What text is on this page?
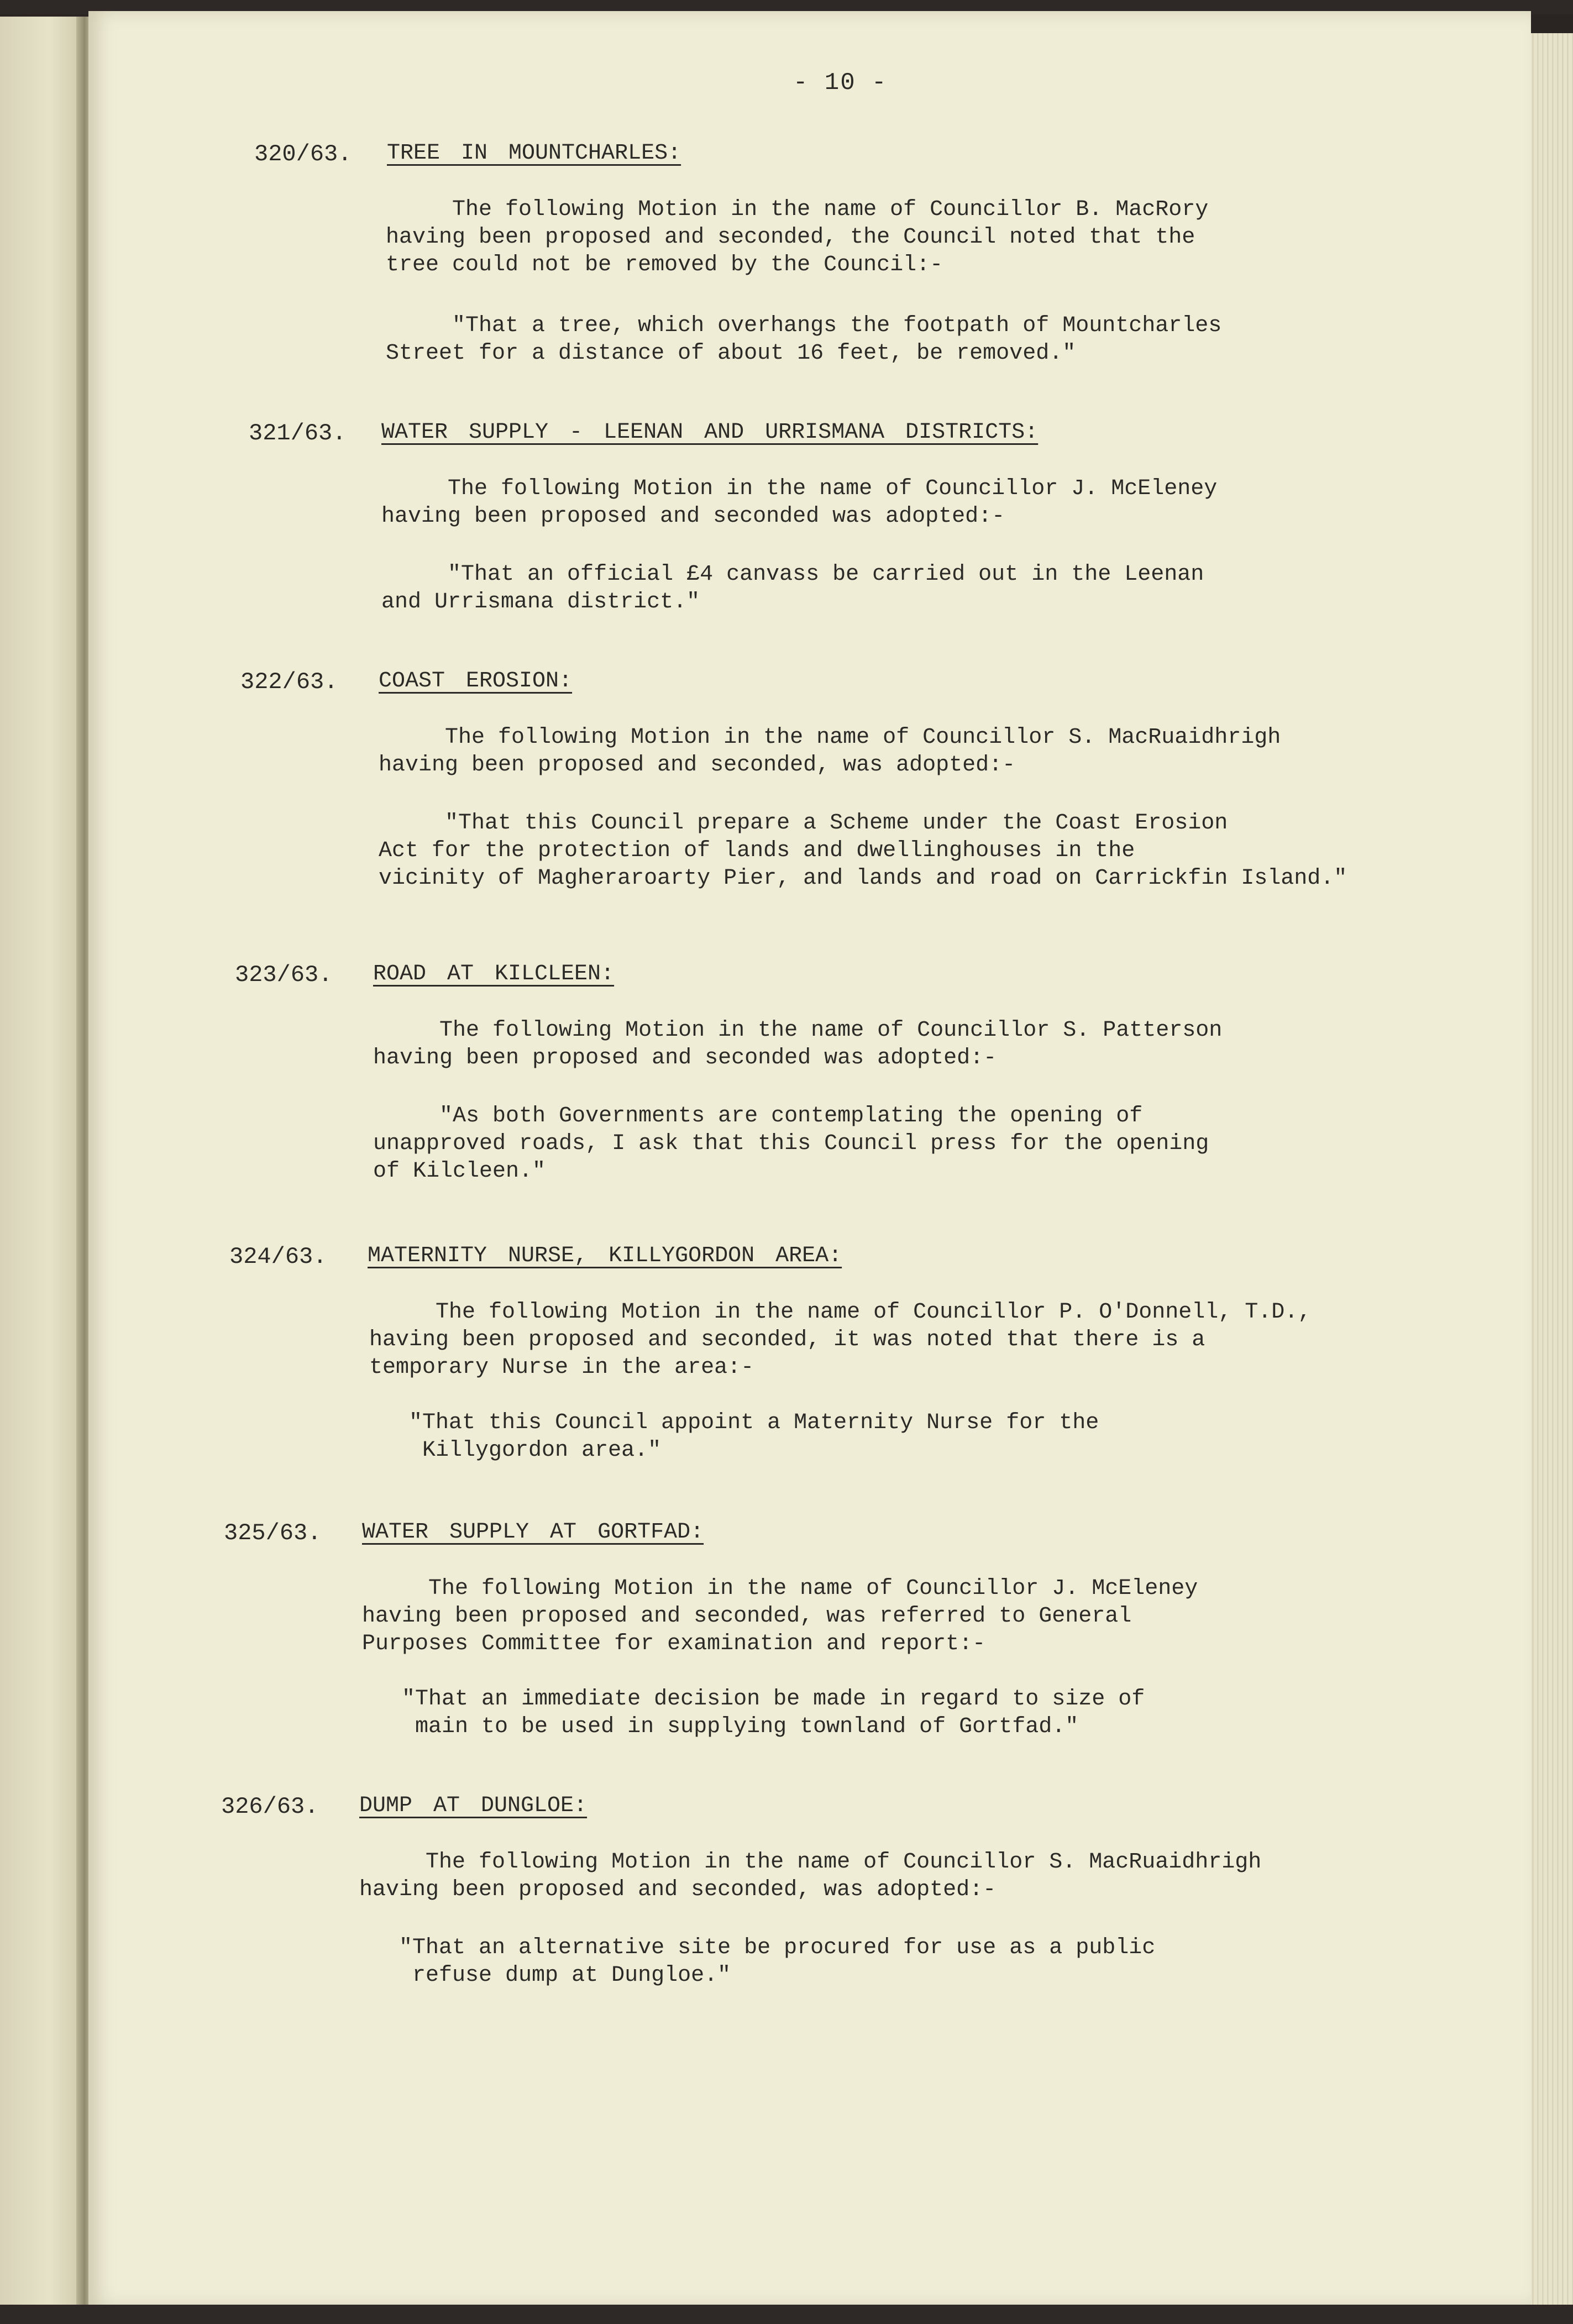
- 10 -
320/63. TREE IN MOUNTCHARLES:
The following Motion in the name of Councillor B. MacRory
having been proposed and seconded, the Council noted that the
tree could not be removed by the Council:-
"That a tree, which overhangs the footpath of Mountcharles
Street for a distance of about 16 feet, be removed."
321/63. WATER SUPPLY - LEENAN AND URRISMANA DISTRICTS:
The following Motion in the name of Councillor J. McEleney
having been proposed and seconded was adopted:-
"That an official £4 canvass be carried out in the Leenan
and Urrismana district."
322/63. COAST EROSION:
The following Motion in the name of Councillor S. MacRuaidhrigh
having been proposed and seconded, was adopted:-
"That this Council prepare a Scheme under the Coast Erosion
Act for the protection of lands and dwellinghouses in the
vicinity of Magheraroarty Pier, and lands and road on Carrickfin Island."
323/63. ROAD AT KILCLEEN:
The following Motion in the name of Councillor S. Patterson
having been proposed and seconded was adopted:-
"As both Governments are contemplating the opening of
unapproved roads, I ask that this Council press for the opening
of Kilcleen."
324/63. MATERNITY NURSE, KILLYGORDON AREA:
The following Motion in the name of Councillor P. O'Donnell, T.D.,
having been proposed and seconded, it was noted that there is a
temporary Nurse in the area:-
"That this Council appoint a Maternity Nurse for the
Killygordon area."
325/63. WATER SUPPLY AT GORTFAD:
The following Motion in the name of Councillor J. McEleney
having been proposed and seconded, was referred to General
Purposes Committee for examination and report:-
"That an immediate decision be made in regard to size of
main to be used in supplying townland of Gortfad."
326/63. DUMP AT DUNGLOE:
The following Motion in the name of Councillor S. MacRuaidhrigh
having been proposed and seconded, was adopted:-
"That an alternative site be procured for use as a public
refuse dump at Dungloe."
